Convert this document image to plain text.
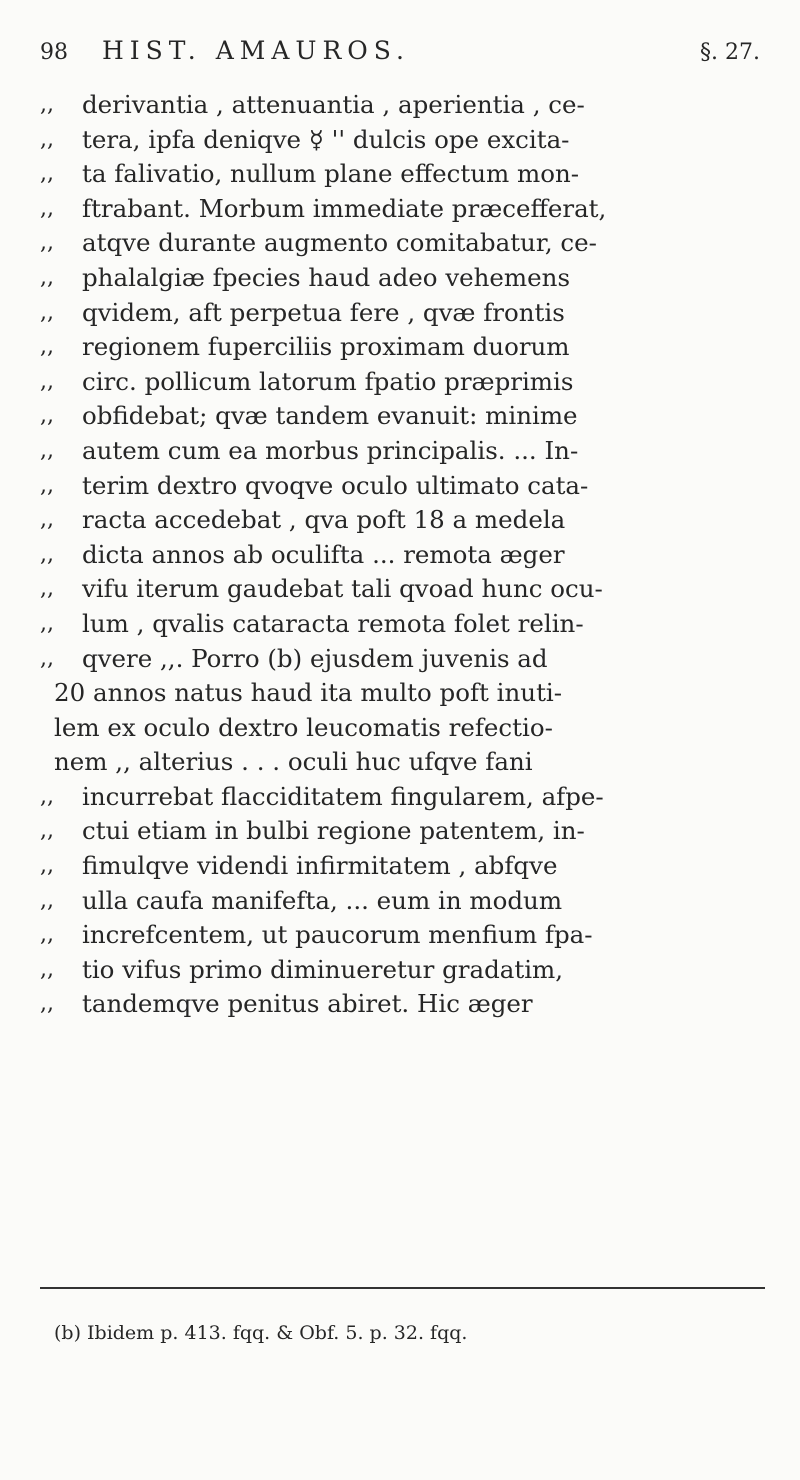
98 HIST. AMAUROS.	§. 27.
,,	derivantia , attenuantia , aperientia , ce-
,,	tera, ipfa deniqve ☿ '' dulcis ope excita-
,,	ta falivatio, nullum plane effectum mon-
,,	ftrabant. Morbum immediate præcefferat,
,,	atqve durante augmento comitabatur, ce-
,,	phalalgiæ fpecies haud adeo vehemens
,,	qvidem, aft perpetua fere , qvæ frontis
,,	regionem fuperciliis proximam duorum
,,	circ. pollicum latorum fpatio præprimis
,,	obfidebat; qvæ tandem evanuit: minime
,,	autem cum ea morbus principalis. ... In-
,,	terim dextro qvoqve oculo ultimato cata-
,,	racta accedebat , qva poft 18 a medela
,,	dicta annos ab oculifta ... remota æger
,,	vifu iterum gaudebat tali qvoad hunc ocu-
,,	lum , qvalis cataracta remota folet relin-
,,	qvere ,,. Porro (b) ejusdem juvenis ad
20 annos natus haud ita multo poft inuti-
lem ex oculo dextro leucomatis refectio-
nem ,, alterius . . . oculi huc ufqve fani
,,	incurrebat flacciditatem fingularem, afpe-
,,	ctui etiam in bulbi regione patentem, in-
,,	fimulqve videndi infirmitatem , abfqve
,,	ulla caufa manifefta, ... eum in modum
,,	increfcentem, ut paucorum menfium fpa-
,,	tio vifus primo diminueretur gradatim,
,,	tandemqve penitus abiret. Hic æger
(b) Ibidem p. 413. fqq. & Obf. 5. p. 32. fqq.
